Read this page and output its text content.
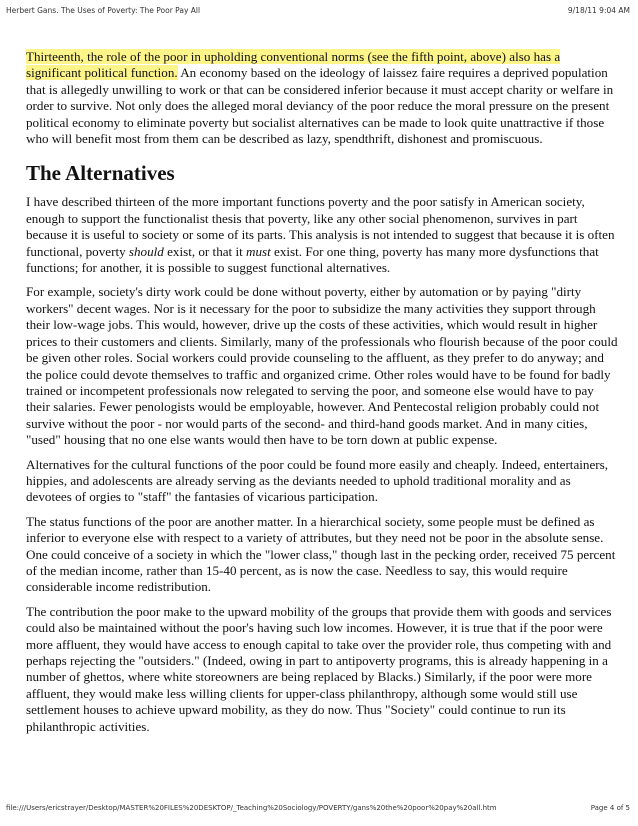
Herbert Gans. The Uses of Poverty: The Poor Pay All	9/18/11 9:04 AM

Thirteenth, the role of the poor in upholding conventional norms (see the fifth point, above) also has a significant political function. An economy based on the ideology of laissez faire requires a deprived population that is allegedly unwilling to work or that can be considered inferior because it must accept charity or welfare in order to survive. Not only does the alleged moral deviancy of the poor reduce the moral pressure on the present political economy to eliminate poverty but socialist alternatives can be made to look quite unattractive if those who will benefit most from them can be described as lazy, spendthrift, dishonest and promiscuous.

The Alternatives

I have described thirteen of the more important functions poverty and the poor satisfy in American society, enough to support the functionalist thesis that poverty, like any other social phenomenon, survives in part because it is useful to society or some of its parts. This analysis is not intended to suggest that because it is often functional, poverty should exist, or that it must exist. For one thing, poverty has many more dysfunctions that functions; for another, it is possible to suggest functional alternatives.

For example, society's dirty work could be done without poverty, either by automation or by paying "dirty workers" decent wages. Nor is it necessary for the poor to subsidize the many activities they support through their low-wage jobs. This would, however, drive up the costs of these activities, which would result in higher prices to their customers and clients. Similarly, many of the professionals who flourish because of the poor could be given other roles. Social workers could provide counseling to the affluent, as they prefer to do anyway; and the police could devote themselves to traffic and organized crime. Other roles would have to be found for badly trained or incompetent professionals now relegated to serving the poor, and someone else would have to pay their salaries. Fewer penologists would be employable, however. And Pentecostal religion probably could not survive without the poor - nor would parts of the second- and third-hand goods market. And in many cities, "used" housing that no one else wants would then have to be torn down at public expense.

Alternatives for the cultural functions of the poor could be found more easily and cheaply. Indeed, entertainers, hippies, and adolescents are already serving as the deviants needed to uphold traditional morality and as devotees of orgies to "staff" the fantasies of vicarious participation.

The status functions of the poor are another matter. In a hierarchical society, some people must be defined as inferior to everyone else with respect to a variety of attributes, but they need not be poor in the absolute sense. One could conceive of a society in which the "lower class," though last in the pecking order, received 75 percent of the median income, rather than 15-40 percent, as is now the case. Needless to say, this would require considerable income redistribution.

The contribution the poor make to the upward mobility of the groups that provide them with goods and services could also be maintained without the poor's having such low incomes. However, it is true that if the poor were more affluent, they would have access to enough capital to take over the provider role, thus competing with and perhaps rejecting the "outsiders." (Indeed, owing in part to antipoverty programs, this is already happening in a number of ghettos, where white storeowners are being replaced by Blacks.) Similarly, if the poor were more affluent, they would make less willing clients for upper-class philanthropy, although some would still use settlement houses to achieve upward mobility, as they do now. Thus "Society" could continue to run its philanthropic activities.

file:///Users/ericstrayer/Desktop/MASTER%20FILES%20DESKTOP/_Teaching%20Sociology/POVERTY/gans%20the%20poor%20pay%20all.htm	Page 4 of 5
